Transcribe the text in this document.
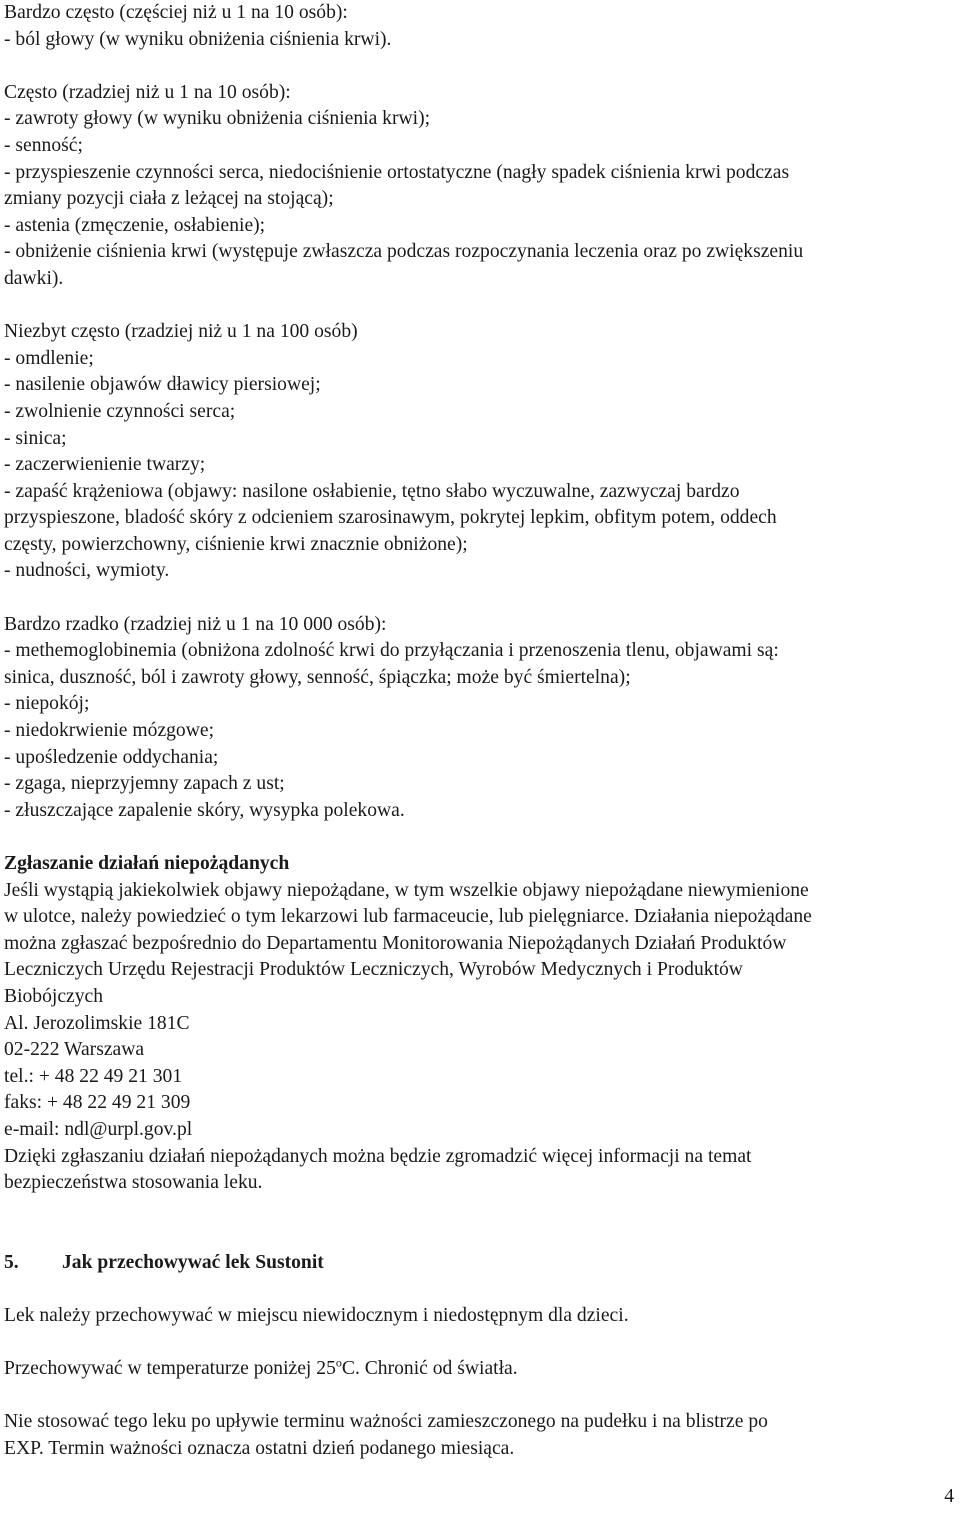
Bardzo często (częściej niż u 1 na 10 osób):
- ból głowy (w wyniku obniżenia ciśnienia krwi).
Często (rzadziej niż u 1 na 10 osób):
- zawroty głowy (w wyniku obniżenia ciśnienia krwi);
- senność;
- przyspieszenie czynności serca, niedociśnienie ortostatyczne (nagły spadek ciśnienia krwi podczas
zmiany pozycji ciała z leżącej na stojącą);
- astenia (zmęczenie, osłabienie);
- obniżenie ciśnienia krwi (występuje zwłaszcza podczas rozpoczynania leczenia oraz po zwiększeniu
dawki).
Niezbyt często (rzadziej niż u 1 na 100 osób)
- omdlenie;
- nasilenie objawów dławicy piersiowej;
- zwolnienie czynności serca;
- sinica;
- zaczerwienienie twarzy;
- zapaść krążeniowa (objawy: nasilone osłabienie, tętno słabo wyczuwalne, zazwyczaj bardzo
przyspieszone, bladość skóry z odcieniem szarosinawym, pokrytej lepkim, obfitym potem, oddech
częsty, powierzchowny, ciśnienie krwi znacznie obniżone);
- nudności, wymioty.
Bardzo rzadko (rzadziej niż u 1 na 10 000 osób):
- methemoglobinemia (obniżona zdolność krwi do przyłączania i przenoszenia tlenu, objawami są:
sinica, duszność, ból i zawroty głowy, senność, śpiączka; może być śmiertelna);
- niepokój;
- niedokrwienie mózgowe;
- upośledzenie oddychania;
- zgaga, nieprzyjemny zapach z ust;
- złuszczające zapalenie skóry, wysypka polekowa.
Zgłaszanie działań niepożądanych
Jeśli wystąpią jakiekolwiek objawy niepożądane, w tym wszelkie objawy niepożądane niewymienione
w ulotce, należy powiedzieć o tym lekarzowi lub farmaceucie, lub pielęgniarce. Działania niepożądane
można zgłaszać bezpośrednio do Departamentu Monitorowania Niepożądanych Działań Produktów
Leczniczych Urzędu Rejestracji Produktów Leczniczych, Wyrobów Medycznych i Produktów
Biobójczych
Al. Jerozolimskie 181C
02-222 Warszawa
tel.: + 48 22 49 21 301
faks: + 48 22 49 21 309
e-mail: ndl@urpl.gov.pl
Dzięki zgłaszaniu działań niepożądanych można będzie zgromadzić więcej informacji na temat
bezpieczeństwa stosowania leku.
5. Jak przechowywać lek Sustonit
Lek należy przechowywać w miejscu niewidocznym i niedostępnym dla dzieci.
Przechowywać w temperaturze poniżej 25$^o$C. Chronić od światła.
Nie stosować tego leku po upływie terminu ważności zamieszczonego na pudełku i na blistrze po
EXP. Termin ważności oznacza ostatni dzień podanego miesiąca.
4
